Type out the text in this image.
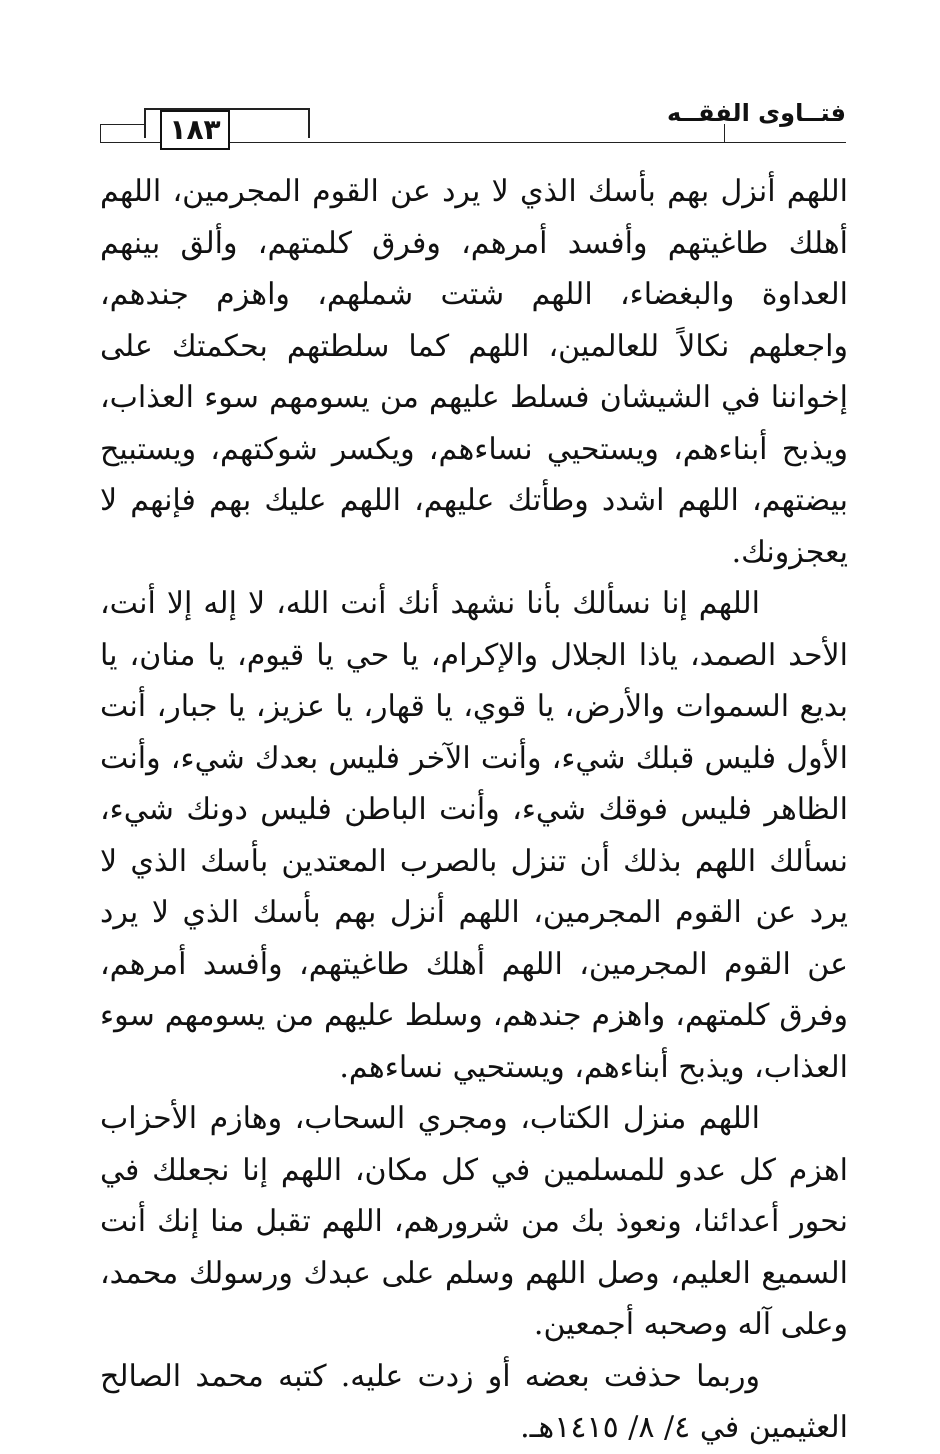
فتــاوى الفقــه
١٨٣

اللهم أنزل بهم بأسك الذي لا يرد عن القوم المجرمين، اللهم أهلك طاغيتهم وأفسد أمرهم، وفرق كلمتهم، وألق بينهم العداوة والبغضاء، اللهم شتت شملهم، واهزم جندهم، واجعلهم نكالاً للعالمين، اللهم كما سلطتهم بحكمتك على إخواننا في الشيشان فسلط عليهم من يسومهم سوء العذاب، ويذبح أبناءهم، ويستحيي نساءهم، ويكسر شوكتهم، ويستبيح بيضتهم، اللهم اشدد وطأتك عليهم، اللهم عليك بهم فإنهم لا يعجزونك.

اللهم إنا نسألك بأنا نشهد أنك أنت الله، لا إله إلا أنت، الأحد الصمد، ياذا الجلال والإكرام، يا حي يا قيوم، يا منان، يا بديع السموات والأرض، يا قوي، يا قهار، يا عزيز، يا جبار، أنت الأول فليس قبلك شيء، وأنت الآخر فليس بعدك شيء، وأنت الظاهر فليس فوقك شيء، وأنت الباطن فليس دونك شيء، نسألك اللهم بذلك أن تنزل بالصرب المعتدين بأسك الذي لا يرد عن القوم المجرمين، اللهم أنزل بهم بأسك الذي لا يرد عن القوم المجرمين، اللهم أهلك طاغيتهم، وأفسد أمرهم، وفرق كلمتهم، واهزم جندهم، وسلط عليهم من يسومهم سوء العذاب، ويذبح أبناءهم، ويستحيي نساءهم.

اللهم منزل الكتاب، ومجري السحاب، وهازم الأحزاب اهزم كل عدو للمسلمين في كل مكان، اللهم إنا نجعلك في نحور أعدائنا، ونعوذ بك من شرورهم، اللهم تقبل منا إنك أنت السميع العليم، وصل اللهم وسلم على عبدك ورسولك محمد، وعلى آله وصحبه أجمعين.

وربما حذفت بعضه أو زدت عليه. كتبه محمد الصالح العثيمين في ٤/ ٨/ ١٤١٥هـ.
